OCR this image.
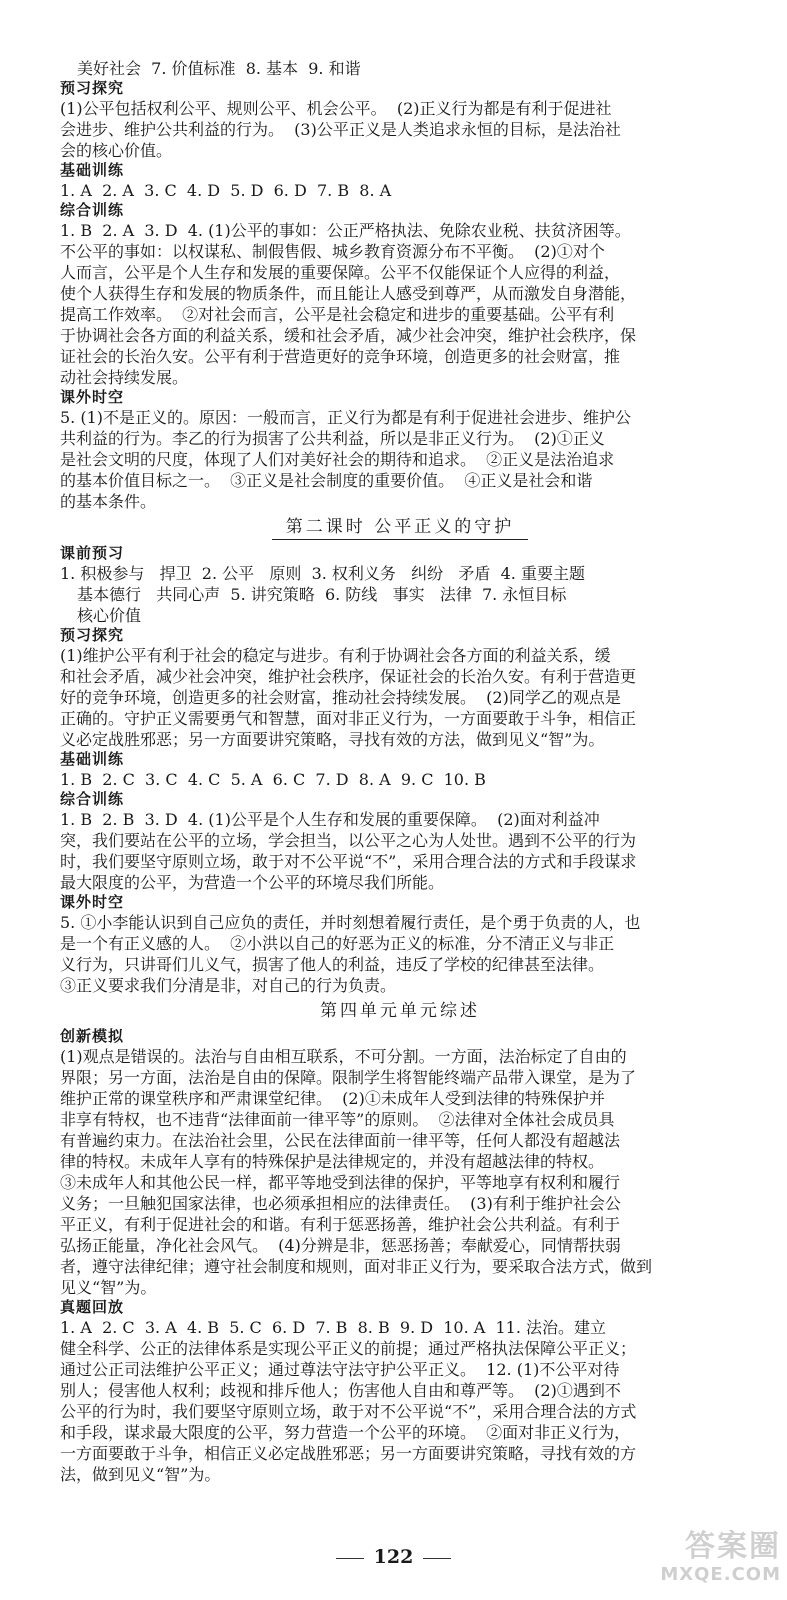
美好社会  7. 价值标准  8. 基本  9. 和谐

预习探究

(1)公平包括权利公平、规则公平、机会公平。  (2)正义行为都是有利于促进社

会进步、维护公共利益的行为。  (3)公平正义是人类追求永恒的目标，是法治社

会的核心价值。

基础训练

1. A  2. A  3. C  4. D  5. D  6. D  7. B  8. A

综合训练

1. B  2. A  3. D  4. (1)公平的事如：公正严格执法、免除农业税、扶贫济困等。

不公平的事如：以权谋私、制假售假、城乡教育资源分布不平衡。  (2)①对个

人而言，公平是个人生存和发展的重要保障。公平不仅能保证个人应得的利益，

使个人获得生存和发展的物质条件，而且能让人感受到尊严，从而激发自身潜能，

提高工作效率。  ②对社会而言，公平是社会稳定和进步的重要基础。公平有利

于协调社会各方面的利益关系，缓和社会矛盾，减少社会冲突，维护社会秩序，保

证社会的长治久安。公平有利于营造更好的竞争环境，创造更多的社会财富，推

动社会持续发展。

课外时空

5. (1)不是正义的。原因：一般而言，正义行为都是有利于促进社会进步、维护公

共利益的行为。李乙的行为损害了公共利益，所以是非正义行为。  (2)①正义

是社会文明的尺度，体现了人们对美好社会的期待和追求。  ②正义是法治追求

的基本价值目标之一。  ③正义是社会制度的重要价值。  ④正义是社会和谐

的基本条件。

第二课时 公平正义的守护

课前预习

1. 积极参与   捍卫  2. 公平   原则  3. 权利义务   纠纷   矛盾  4. 重要主题

基本德行   共同心声  5. 讲究策略  6. 防线   事实   法律  7. 永恒目标

核心价值

预习探究

(1)维护公平有利于社会的稳定与进步。有利于协调社会各方面的利益关系，缓

和社会矛盾，减少社会冲突，维护社会秩序，保证社会的长治久安。有利于营造更

好的竞争环境，创造更多的社会财富，推动社会持续发展。  (2)同学乙的观点是

正确的。守护正义需要勇气和智慧，面对非正义行为，一方面要敢于斗争，相信正

义必定战胜邪恶；另一方面要讲究策略，寻找有效的方法，做到见义“智”为。

基础训练

1. B  2. C  3. C  4. C  5. A  6. C  7. D  8. A  9. C  10. B

综合训练

1. B  2. B  3. D  4. (1)公平是个人生存和发展的重要保障。  (2)面对利益冲

突，我们要站在公平的立场，学会担当，以公平之心为人处世。遇到不公平的行为

时，我们要坚守原则立场，敢于对不公平说“不”，采用合理合法的方式和手段谋求

最大限度的公平，为营造一个公平的环境尽我们所能。

课外时空

5. ①小李能认识到自己应负的责任，并时刻想着履行责任，是个勇于负责的人，也

是一个有正义感的人。  ②小洪以自己的好恶为正义的标准，分不清正义与非正

义行为，只讲哥们儿义气，损害了他人的利益，违反了学校的纪律甚至法律。

③正义要求我们分清是非，对自己的行为负责。

第四单元单元综述

创新模拟

(1)观点是错误的。法治与自由相互联系，不可分割。一方面，法治标定了自由的

界限；另一方面，法治是自由的保障。限制学生将智能终端产品带入课堂，是为了

维护正常的课堂秩序和严肃课堂纪律。  (2)①未成年人受到法律的特殊保护并

非享有特权，也不违背“法律面前一律平等”的原则。  ②法律对全体社会成员具

有普遍约束力。在法治社会里，公民在法律面前一律平等，任何人都没有超越法

律的特权。未成年人享有的特殊保护是法律规定的，并没有超越法律的特权。

③未成年人和其他公民一样，都平等地受到法律的保护，平等地享有权利和履行

义务；一旦触犯国家法律，也必须承担相应的法律责任。  (3)有利于维护社会公

平正义，有利于促进社会的和谐。有利于惩恶扬善，维护社会公共利益。有利于

弘扬正能量，净化社会风气。  (4)分辨是非，惩恶扬善；奉献爱心，同情帮扶弱

者，遵守法律纪律；遵守社会制度和规则，面对非正义行为，要采取合法方式，做到

见义“智”为。

真题回放

1. A  2. C  3. A  4. B  5. C  6. D  7. B  8. B  9. D  10. A  11. 法治。建立

健全科学、公正的法律体系是实现公平正义的前提；通过严格执法保障公平正义；

通过公正司法维护公平正义；通过尊法守法守护公平正义。  12. (1)不公平对待

别人；侵害他人权利；歧视和排斥他人；伤害他人自由和尊严等。  (2)①遇到不

公平的行为时，我们要坚守原则立场，敢于对不公平说“不”，采用合理合法的方式

和手段，谋求最大限度的公平，努力营造一个公平的环境。  ②面对非正义行为，

一方面要敢于斗争，相信正义必定战胜邪恶；另一方面要讲究策略，寻找有效的方

法，做到见义“智”为。

122	答案圈
MXQE.COM
